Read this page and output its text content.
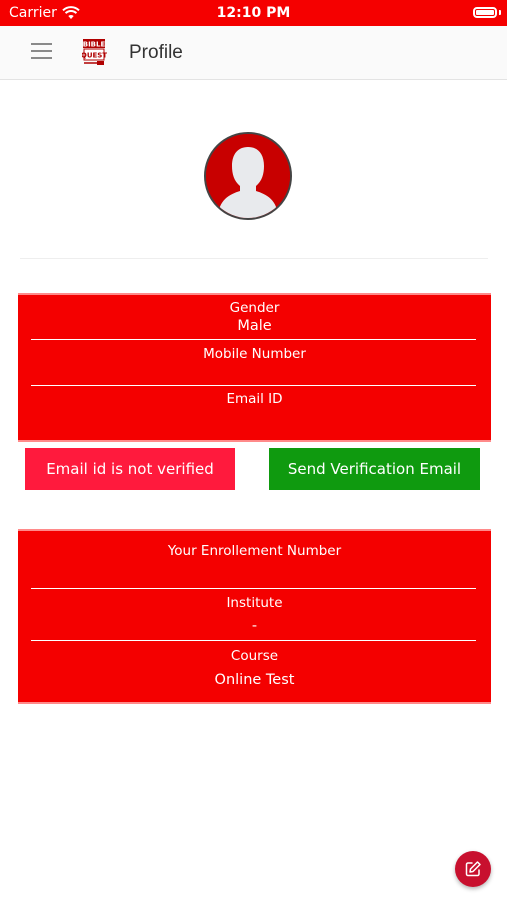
Carrier	12:10 PM
BIBLE
QUEST Profile
Gender
Male
Mobile Number
Email ID
Email id is not verified	Send Verification Email
Your Enrollement Number
Institute
-
Course
Online Test
